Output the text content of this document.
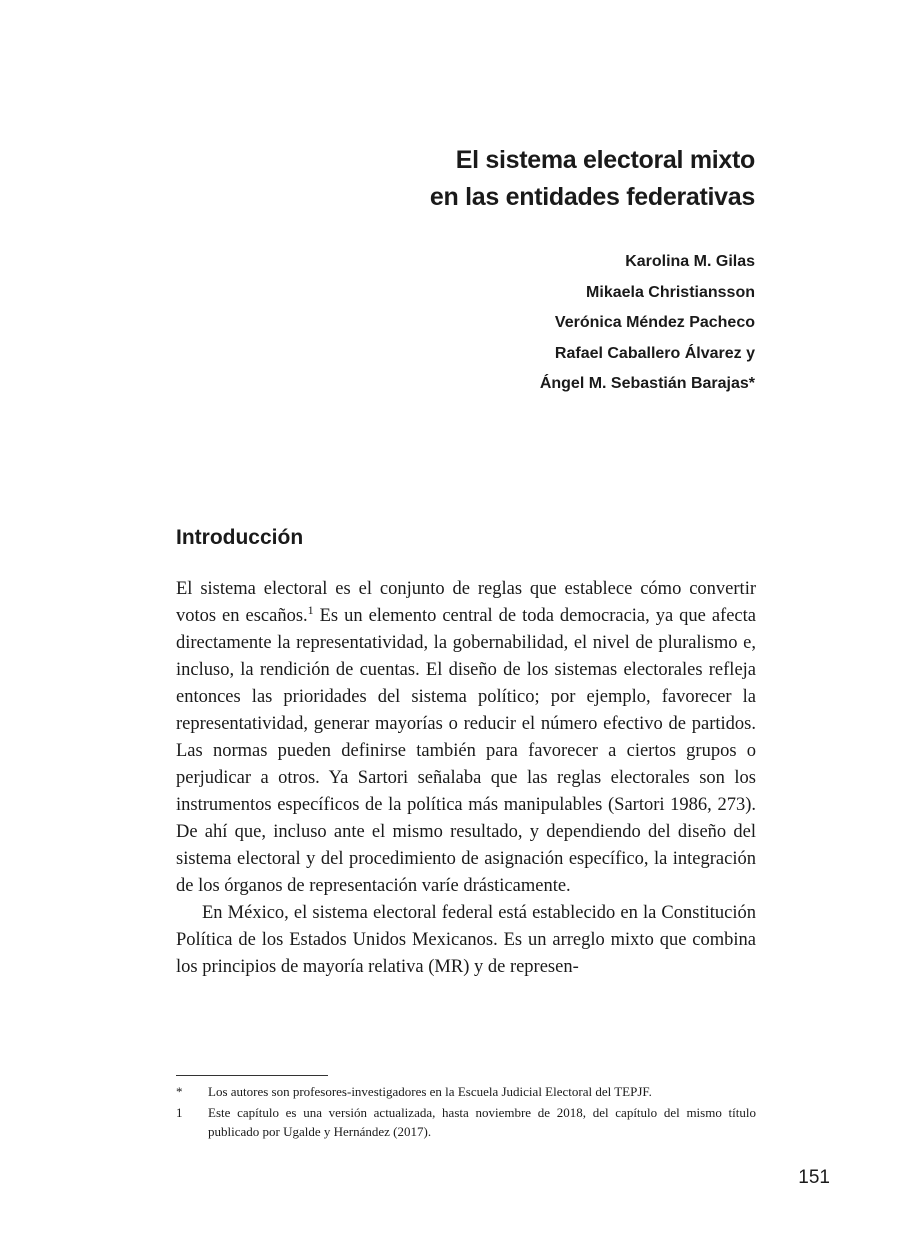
El sistema electoral mixto
en las entidades federativas
Karolina M. Gilas
Mikaela Christiansson
Verónica Méndez Pacheco
Rafael Caballero Álvarez y
Ángel M. Sebastián Barajas*
Introducción

El sistema electoral es el conjunto de reglas que establece cómo convertir votos en escaños.$^1$ Es un elemento central de toda democracia, ya que afecta directamente la representatividad, la gobernabilidad, el nivel de pluralismo e, incluso, la rendición de cuentas. El diseño de los sistemas electorales refleja entonces las prioridades del sistema político; por ejemplo, favorecer la representatividad, generar mayorías o reducir el número efectivo de partidos. Las normas pueden definirse también para favorecer a ciertos grupos o perjudicar a otros. Ya Sartori señalaba que las reglas electorales son los instrumentos específicos de la política más manipulables (Sartori 1986, 273). De ahí que, incluso ante el mismo resultado, y dependiendo del diseño del sistema electoral y del procedimiento de asignación específico, la integración de los órganos de representación varíe drásticamente.

En México, el sistema electoral federal está establecido en la Constitución Política de los Estados Unidos Mexicanos. Es un arreglo mixto que combina los principios de mayoría relativa (MR) y de represen-

*	Los autores son profesores-investigadores en la Escuela Judicial Electoral del TEPJF.
1	Este capítulo es una versión actualizada, hasta noviembre de 2018, del capítulo del mismo título publicado por Ugalde y Hernández (2017).
151
